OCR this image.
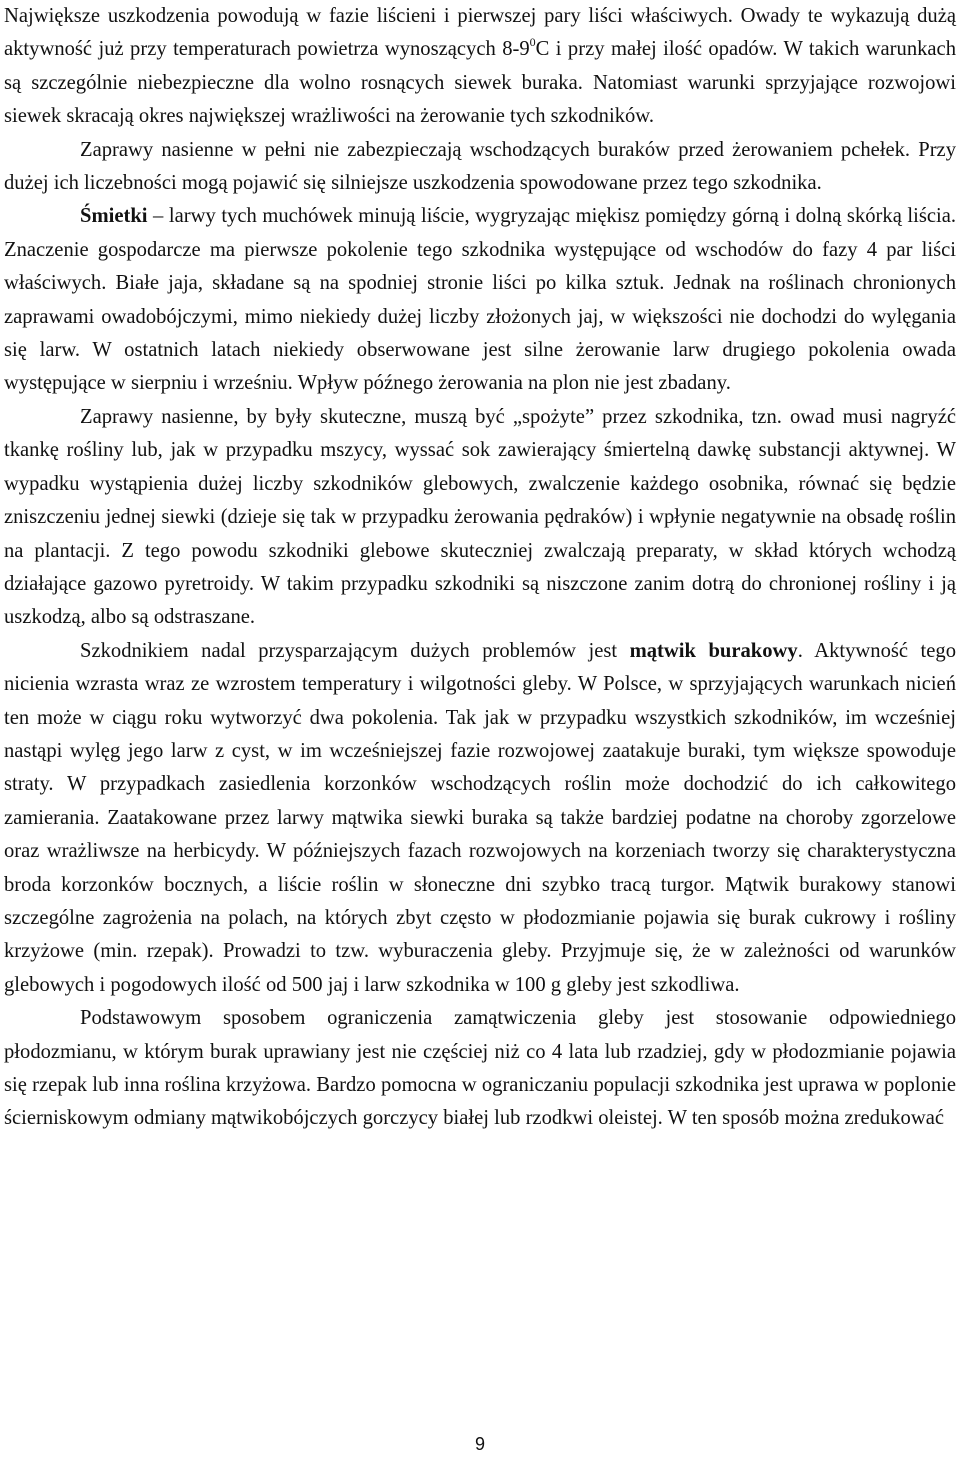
Największe uszkodzenia powodują w fazie liścieni i pierwszej pary liści właściwych. Owady te wykazują dużą aktywność już przy temperaturach powietrza wynoszących $8-9^0C$ i przy małej ilość opadów. W takich warunkach są szczególnie niebezpieczne dla wolno rosnących siewek buraka. Natomiast warunki sprzyjające rozwojowi siewek skracają okres największej wrażliwości na żerowanie tych szkodników.

Zaprawy nasienne w pełni nie zabezpieczają wschodzących buraków przed żerowaniem pchełek. Przy dużej ich liczebności mogą pojawić się silniejsze uszkodzenia spowodowane przez tego szkodnika.

Śmietki – larwy tych muchówek minują liście, wygryzając miękisz pomiędzy górną i dolną skórką liścia. Znaczenie gospodarcze ma pierwsze pokolenie tego szkodnika występujące od wschodów do fazy 4 par liści właściwych. Białe jaja, składane są na spodniej stronie liści po kilka sztuk. Jednak na roślinach chronionych zaprawami owadobójczymi, mimo niekiedy dużej liczby złożonych jaj, w większości nie dochodzi do wylęgania się larw. W ostatnich latach niekiedy obserwowane jest silne żerowanie larw drugiego pokolenia owada występujące w sierpniu i wrześniu. Wpływ późnego żerowania na plon nie jest zbadany.

Zaprawy nasienne, by były skuteczne, muszą być „spożyte” przez szkodnika, tzn. owad musi nagryźć tkankę rośliny lub, jak w przypadku mszycy, wyssać sok zawierający śmiertelną dawkę substancji aktywnej. W wypadku wystąpienia dużej liczby szkodników glebowych, zwalczenie każdego osobnika, równać się będzie zniszczeniu jednej siewki (dzieje się tak w przypadku żerowania pędraków) i wpłynie negatywnie na obsadę roślin na plantacji. Z tego powodu szkodniki glebowe skuteczniej zwalczają preparaty, w skład których wchodzą działające gazowo pyretroidy. W takim przypadku szkodniki są niszczone zanim dotrą do chronionej rośliny i ją uszkodzą, albo są odstraszane.

Szkodnikiem nadal przysparzającym dużych problemów jest mątwik burakowy. Aktywność tego nicienia wzrasta wraz ze wzrostem temperatury i wilgotności gleby. W Polsce, w sprzyjających warunkach nicień ten może w ciągu roku wytworzyć dwa pokolenia. Tak jak w przypadku wszystkich szkodników, im wcześniej nastąpi wylęg jego larw z cyst, w im wcześniejszej fazie rozwojowej zaatakuje buraki, tym większe spowoduje straty. W przypadkach zasiedlenia korzonków wschodzących roślin może dochodzić do ich całkowitego zamierania. Zaatakowane przez larwy mątwika siewki buraka są także bardziej podatne na choroby zgorzelowe oraz wrażliwsze na herbicydy. W późniejszych fazach rozwojowych na korzeniach tworzy się charakterystyczna broda korzonków bocznych, a liście roślin w słoneczne dni szybko tracą turgor. Mątwik burakowy stanowi szczególne zagrożenia na polach, na których zbyt często w płodozmianie pojawia się burak cukrowy i rośliny krzyżowe (min. rzepak). Prowadzi to tzw. wyburaczenia gleby. Przyjmuje się, że w zależności od warunków glebowych i pogodowych ilość od 500 jaj i larw szkodnika w 100 g gleby jest szkodliwa.

Podstawowym sposobem ograniczenia zamątwiczenia gleby jest stosowanie odpowiedniego płodozmianu, w którym burak uprawiany jest nie częściej niż co 4 lata lub rzadziej, gdy w płodozmianie pojawia się rzepak lub inna roślina krzyżowa. Bardzo pomocna w ograniczaniu populacji szkodnika jest uprawa w poplonie ścierniskowym odmiany mątwikobójczych gorczycy białej lub rzodkwi oleistej. W ten sposób można zredukować

9
